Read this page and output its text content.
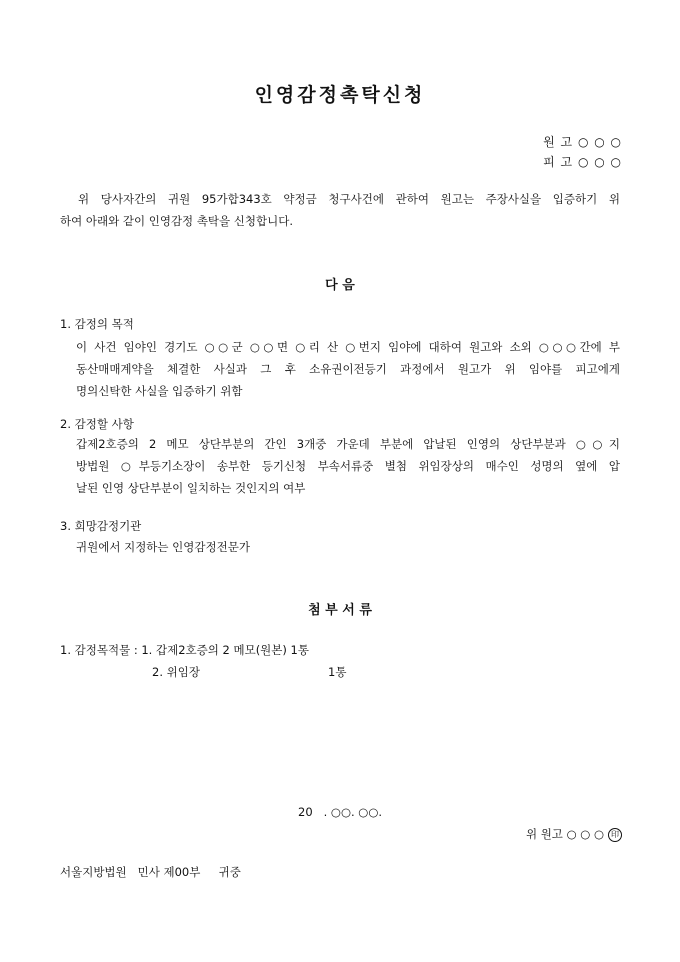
인영감정촉탁신청
원 고 ○ ○ ○
피 고 ○ ○ ○
위 당사자간의 귀원 95가합343호 약정금 청구사건에 관하여 원고는 주장사실을 입증하기 위
하여 아래와 같이 인영감정 촉탁을 신청합니다.
다 음
1. 감정의 목적
이 사건 임야인 경기도 ○○군 ○○면 ○리 산 ○번지 임야에 대하여 원고와 소외 ○○○간에 부
동산매매계약을 체결한 사실과 그 후 소유권이전등기 과정에서 원고가 위 임야를 피고에게
명의신탁한 사실을 입증하기 위함
2. 감정할 사항
갑제2호증의 2 메모 상단부분의 간인 3개중 가운데 부분에 압날된 인영의 상단부분과 ○○지
방법원 ○부등기소장이 송부한 등기신청 부속서류중 별첨 위임장상의 매수인 성명의 옆에 압
날된 인영 상단부분이 일치하는 것인지의 여부
3. 희망감정기관
귀원에서 지정하는 인영감정전문가
첨 부 서 류
1. 감정목적물 : 1. 갑제2호증의 2 메모(원본) 1통
2. 위임장	1통
20   . ○○. ○○.
위 원고 ○ ○ ○ 印
서울지방법원   민사 제00부     귀중
